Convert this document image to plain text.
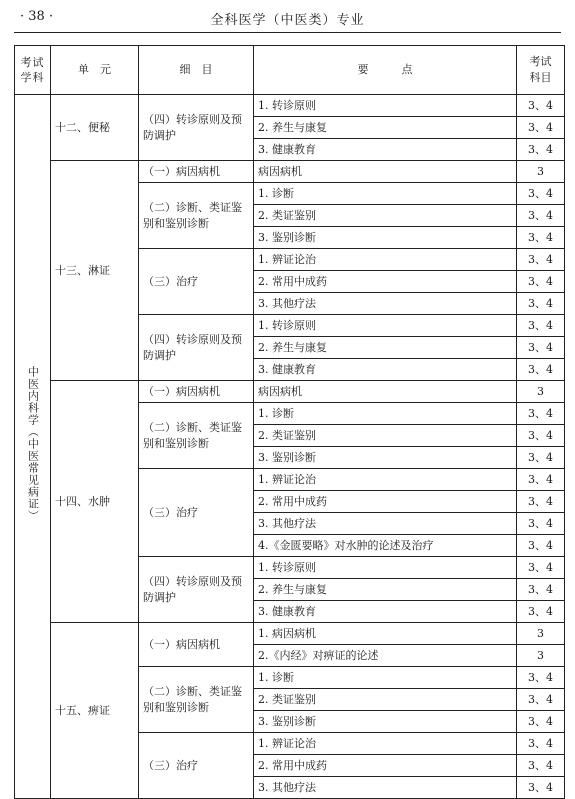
· 38 ·	全科医学（中医类）专业
考试学科	单　元	细　目	要　　　点	考试科目
中医内科学（中医常见病证）	十二、便秘	（四）转诊原则及预防调护	1. 转诊原则	3、4
			2. 养生与康复	3、4
			3. 健康教育	3、4
	十三、淋证	（一）病因病机	病因病机	3
		（二）诊断、类证鉴别和鉴别诊断	1. 诊断	3、4
			2. 类证鉴别	3、4
			3. 鉴别诊断	3、4
		（三）治疗	1. 辨证论治	3、4
			2. 常用中成药	3、4
			3. 其他疗法	3、4
		（四）转诊原则及预防调护	1. 转诊原则	3、4
			2. 养生与康复	3、4
			3. 健康教育	3、4
	十四、水肿	（一）病因病机	病因病机	3
		（二）诊断、类证鉴别和鉴别诊断	1. 诊断	3、4
			2. 类证鉴别	3、4
			3. 鉴别诊断	3、4
		（三）治疗	1. 辨证论治	3、4
			2. 常用中成药	3、4
			3. 其他疗法	3、4
			4.《金匮要略》对水肿的论述及治疗	3、4
		（四）转诊原则及预防调护	1. 转诊原则	3、4
			2. 养生与康复	3、4
			3. 健康教育	3、4
	十五、痹证	（一）病因病机	1. 病因病机	3
			2.《内经》对痹证的论述	3
		（二）诊断、类证鉴别和鉴别诊断	1. 诊断	3、4
			2. 类证鉴别	3、4
			3. 鉴别诊断	3、4
		（三）治疗	1. 辨证论治	3、4
			2. 常用中成药	3、4
			3. 其他疗法	3、4
